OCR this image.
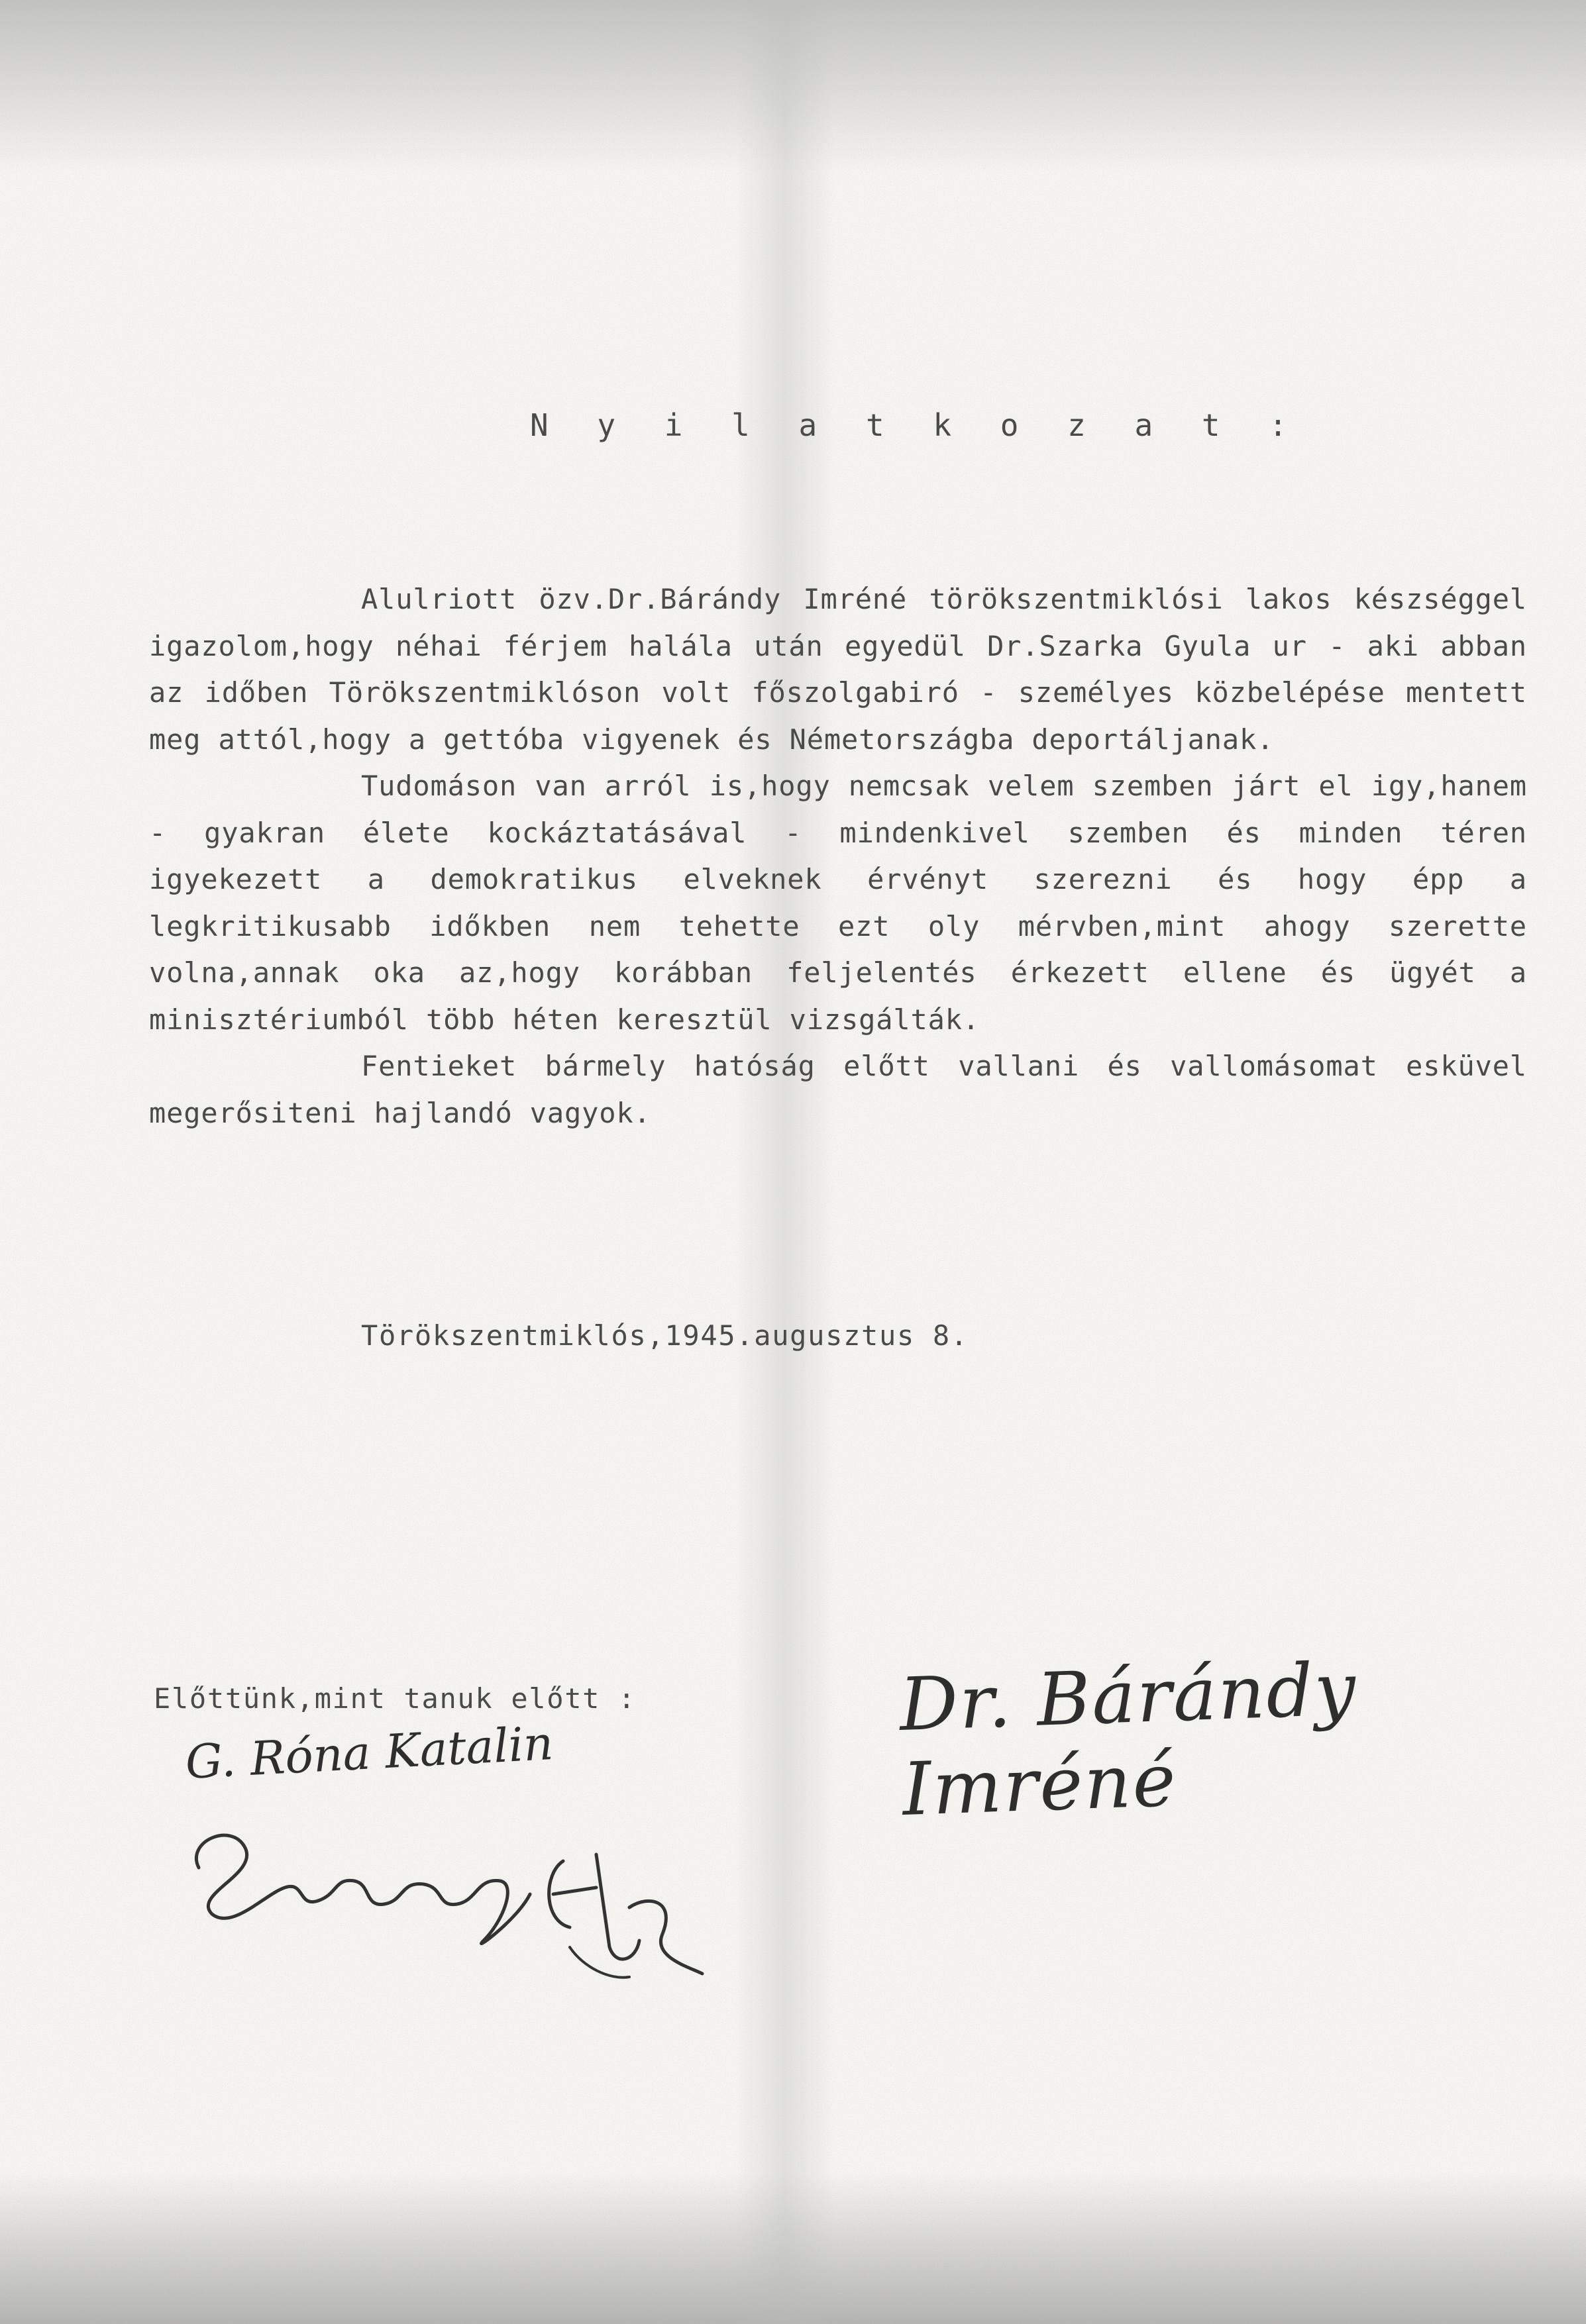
N y i l a t k o z a t :

Alulriott özv.Dr.Bárándy Imréné törökszentmiklósi lakos készséggel igazolom,hogy néhai férjem halála után egyedül Dr.Szarka Gyula ur - aki abban az időben Törökszentmiklóson volt főszolgabiró - személyes közbelépése mentett meg attól,hogy a gettóba vigyenek és Németországba deportáljanak.

Tudomáson van arról is,hogy nemcsak velem szemben járt el igy,hanem - gyakran élete kockáztatásával - mindenkivel szemben és minden téren igyekezett a demokratikus elveknek érvényt szerezni és hogy épp a legkritikusabb időkben nem tehette ezt oly mérvben,mint ahogy szerette volna,annak oka az,hogy korábban feljelentés érkezett ellene és ügyét a minisztériumból több héten keresztül vizsgálták.

Fentieket bármely hatóság előtt vallani és vallomásomat esküvel megerősiteni hajlandó vagyok.

Törökszentmiklós,1945.augusztus 8.
Előttünk,mint tanuk előtt :	Dr. Bárándy Imréné
G. Róna Katalin
